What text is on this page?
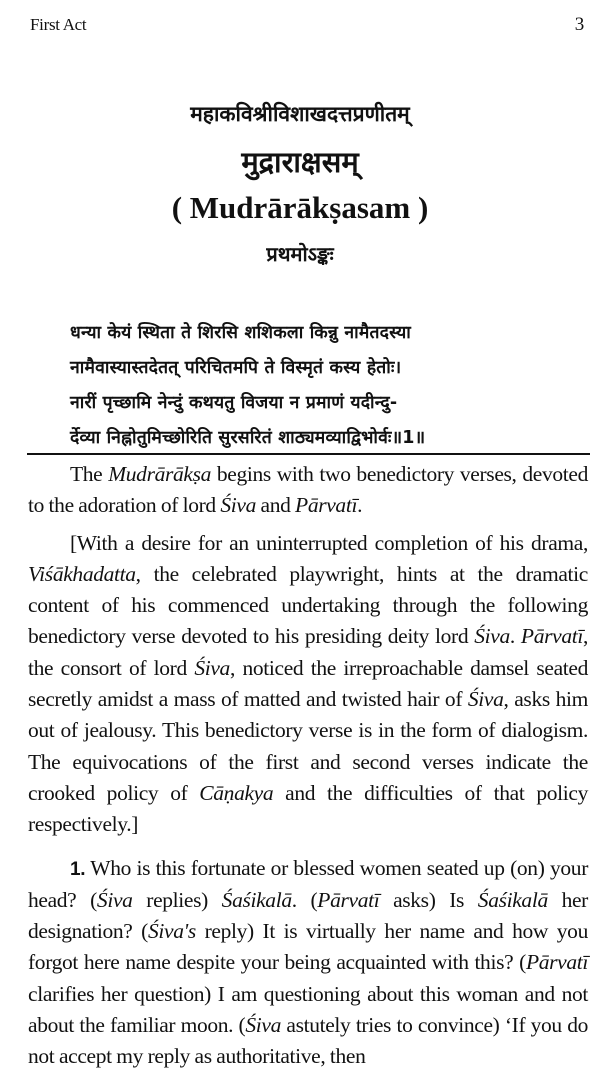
First Act	3
महाकविश्रीविशाखदत्तप्रणीतम्
मुद्राराक्षसम्
( Mudrārākṣasam )
प्रथमोऽङ्कः
धन्या केयं स्थिता ते शिरसि शशिकला किन्नु नामैतदस्या
नामैवास्यास्तदेतत् परिचितमपि ते विस्मृतं कस्य हेतोः।
नारीं पृच्छामि नेन्दुं कथयतु विजया न प्रमाणं यदीन्दु-
र्देव्या निह्नोतुमिच्छोरिति सुरसरितं शाठ्यमव्याद्विभोर्वः॥1॥

The Mudrārākṣa begins with two benedictory verses, devoted to the adoration of lord Śiva and Pārvatī.

[With a desire for an uninterrupted completion of his drama, Viśākhadatta, the celebrated playwright, hints at the dramatic content of his commenced undertaking through the following benedictory verse devoted to his presiding deity lord Śiva. Pārvatī, the consort of lord Śiva, noticed the irreproachable damsel seated secretly amidst a mass of matted and twisted hair of Śiva, asks him out of jealousy. This benedictory verse is in the form of dialogism. The equivocations of the first and second verses indicate the crooked policy of Cāṇakya and the difficulties of that policy respectively.]

1. Who is this fortunate or blessed women seated up (on) your head? (Śiva replies) Śaśikalā. (Pārvatī asks) Is Śaśikalā her designation? (Śiva's reply) It is virtually her name and how you forgot here name despite your being acquainted with this? (Pārvatī clarifies her question) I am questioning about this woman and not about the familiar moon. (Śiva astutely tries to convince) ‘If you do not accept my reply as authoritative, then
